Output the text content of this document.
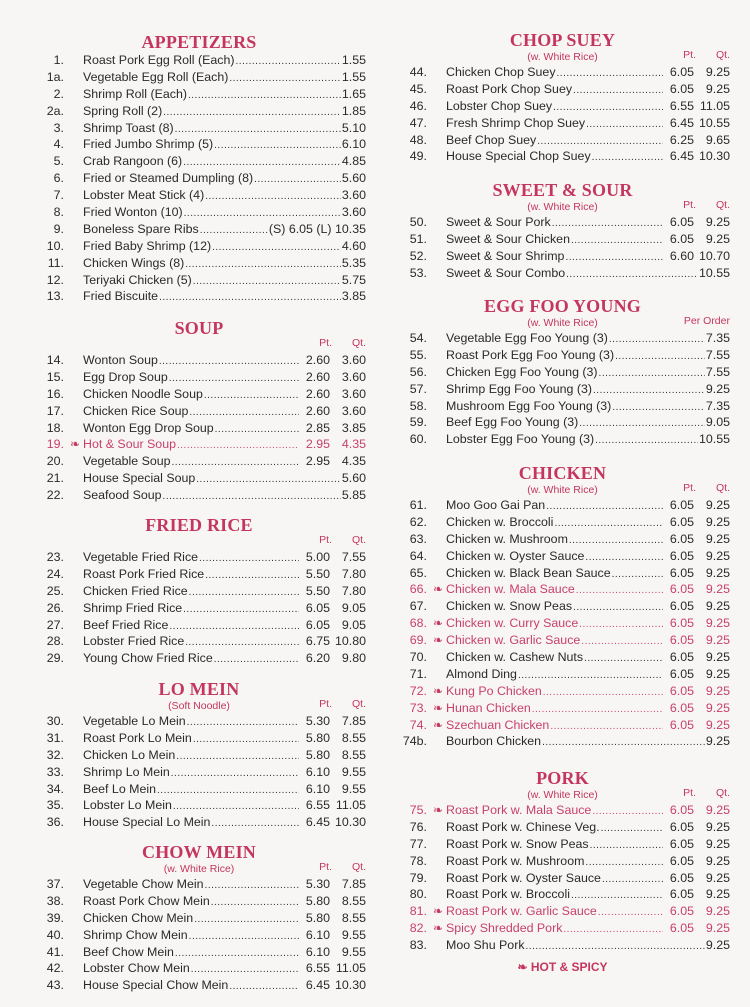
APPETIZERS
1. Roast Pork Egg Roll (Each) .....	1.55
1a. Vegetable Egg Roll (Each) .....	1.55
2. Shrimp Roll (Each) .....	1.65
2a. Spring Roll (2) .....	1.85
3. Shrimp Toast (8) .....	5.10
4. Fried Jumbo Shrimp (5) .....	6.10
5. Crab Rangoon (6) .....	4.85
6. Fried or Steamed Dumpling (8) .....	5.60
7. Lobster Meat Stick (4) .....	3.60
8. Fried Wonton (10) .....	3.60
9. Boneless Spare Ribs .....	(S) 6.05 (L) 10.35
10. Fried Baby Shrimp (12) .....	4.60
11. Chicken Wings (8) .....	5.35
12. Teriyaki Chicken (5) .....	5.75
13. Fried Biscuite .....	3.85
SOUP
Pt.	Qt.
14. Wonton Soup .....	2.60 3.60
15. Egg Drop Soup .....	2.60 3.60
16. Chicken Noodle Soup .....	2.60 3.60
17. Chicken Rice Soup .....	2.60 3.60
18. Wonton Egg Drop Soup .....	2.85 3.85
19. ❧ Hot & Sour Soup .....	2.95 4.35
20. Vegetable Soup .....	2.95 4.35
21. House Special Soup .....	5.60
22. Seafood Soup .....	5.85
FRIED RICE
Pt.	Qt.
23. Vegetable Fried Rice .....	5.00 7.55
24. Roast Pork Fried Rice .....	5.50 7.80
25. Chicken Fried Rice .....	5.50 7.80
26. Shrimp Fried Rice .....	6.05 9.05
27. Beef Fried Rice .....	6.05 9.05
28. Lobster Fried Rice .....	6.75 10.80
29. Young Chow Fried Rice .....	6.20 9.80
LO MEIN
(Soft Noodle)	Pt.	Qt.
30. Vegetable Lo Mein .....	5.30 7.85
31. Roast Pork Lo Mein .....	5.80 8.55
32. Chicken Lo Mein .....	5.80 8.55
33. Shrimp Lo Mein .....	6.10 9.55
34. Beef Lo Mein .....	6.10 9.55
35. Lobster Lo Mein .....	6.55 11.05
36. House Special Lo Mein .....	6.45 10.30
CHOW MEIN
(w. White Rice)	Pt.	Qt.
37. Vegetable Chow Mein .....	5.30 7.85
38. Roast Pork Chow Mein .....	5.80 8.55
39. Chicken Chow Mein .....	5.80 8.55
40. Shrimp Chow Mein .....	6.10 9.55
41. Beef Chow Mein .....	6.10 9.55
42. Lobster Chow Mein .....	6.55 11.05
43. House Special Chow Mein .....	6.45 10.30
CHOP SUEY
(w. White Rice)	Pt.	Qt.
44. Chicken Chop Suey .....	6.05 9.25
45. Roast Pork Chop Suey .....	6.05 9.25
46. Lobster Chop Suey .....	6.55 11.05
47. Fresh Shrimp Chop Suey .....	6.45 10.55
48. Beef Chop Suey .....	6.25 9.65
49. House Special Chop Suey .....	6.45 10.30
SWEET & SOUR
(w. White Rice)	Pt.	Qt.
50. Sweet & Sour Pork .....	6.05 9.25
51. Sweet & Sour Chicken .....	6.05 9.25
52. Sweet & Sour Shrimp .....	6.60 10.70
53. Sweet & Sour Combo .....	10.55
EGG FOO YOUNG
(w. White Rice)	Per Order
54. Vegetable Egg Foo Young (3) .....	7.35
55. Roast Pork Egg Foo Young (3) .....	7.55
56. Chicken Egg Foo Young (3) .....	7.55
57. Shrimp Egg Foo Young (3) .....	9.25
58. Mushroom Egg Foo Young (3) .....	7.35
59. Beef Egg Foo Young (3) .....	9.05
60. Lobster Egg Foo Young (3) .....	10.55
CHICKEN
(w. White Rice)	Pt.	Qt.
61. Moo Goo Gai Pan .....	6.05 9.25
62. Chicken w. Broccoli .....	6.05 9.25
63. Chicken w. Mushroom .....	6.05 9.25
64. Chicken w. Oyster Sauce .....	6.05 9.25
65. Chicken w. Black Bean Sauce .....	6.05 9.25
66. ❧ Chicken w. Mala Sauce .....	6.05 9.25
67. Chicken w. Snow Peas .....	6.05 9.25
68. ❧ Chicken w. Curry Sauce .....	6.05 9.25
69. ❧ Chicken w. Garlic Sauce .....	6.05 9.25
70. Chicken w. Cashew Nuts .....	6.05 9.25
71. Almond Ding .....	6.05 9.25
72. ❧ Kung Po Chicken .....	6.05 9.25
73. ❧ Hunan Chicken .....	6.05 9.25
74. ❧ Szechuan Chicken .....	6.05 9.25
74b. Bourbon Chicken .....	9.25
PORK
(w. White Rice)	Pt.	Qt.
75. ❧ Roast Pork w. Mala Sauce .....	6.05 9.25
76. Roast Pork w. Chinese Veg. .....	6.05 9.25
77. Roast Pork w. Snow Peas .....	6.05 9.25
78. Roast Pork w. Mushroom .....	6.05 9.25
79. Roast Pork w. Oyster Sauce .....	6.05 9.25
80. Roast Pork w. Broccoli .....	6.05 9.25
81. ❧ Roast Pork w. Garlic Sauce .....	6.05 9.25
82. ❧ Spicy Shredded Pork .....	6.05 9.25
83. Moo Shu Pork .....	9.25
❧ HOT & SPICY
